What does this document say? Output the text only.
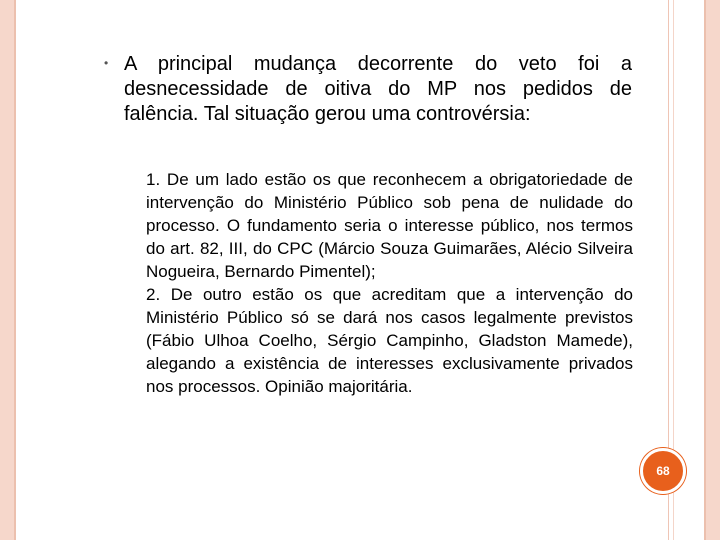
• A principal mudança decorrente do veto foi a desnecessidade de oitiva do MP nos pedidos de falência. Tal situação gerou uma controvérsia:

1. De um lado estão os que reconhecem a obrigatoriedade de intervenção do Ministério Público sob pena de nulidade do processo. O fundamento seria o interesse público, nos termos do art. 82, III, do CPC (Márcio Souza Guimarães, Alécio Silveira Nogueira, Bernardo Pimentel);

2. De outro estão os que acreditam que a intervenção do Ministério Público só se dará nos casos legalmente previstos (Fábio Ulhoa Coelho, Sérgio Campinho, Gladston Mamede), alegando a existência de interesses exclusivamente privados nos processos. Opinião majoritária.

68
